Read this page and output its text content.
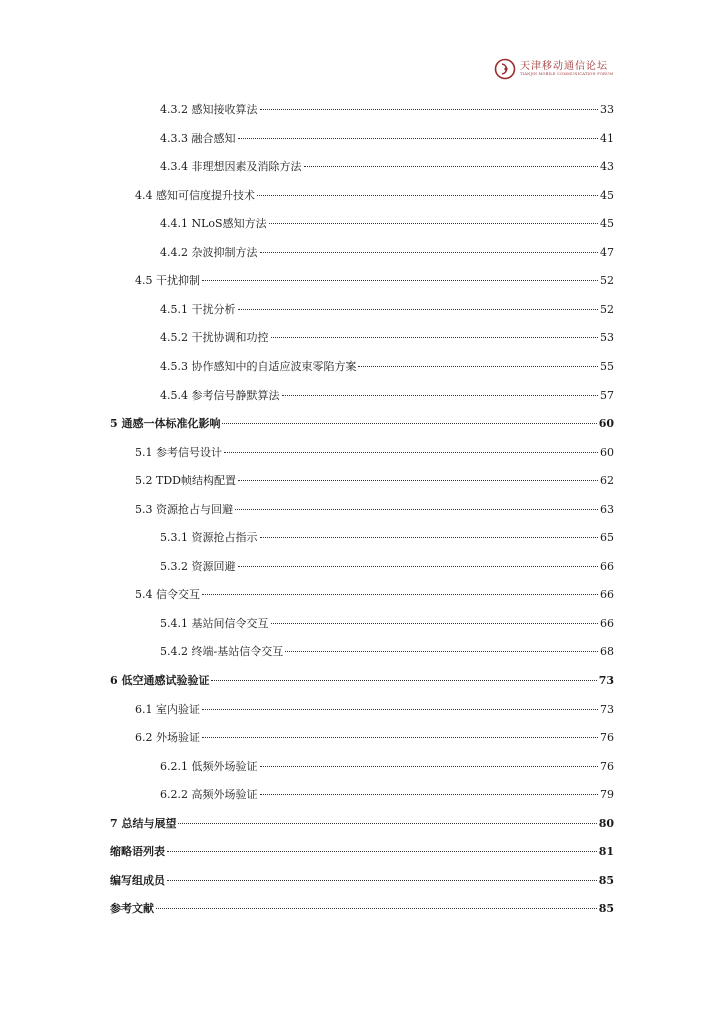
天津移动通信论坛
TIANJIN MOBILE COMMUNICATION FORUM
4.3.2 感知接收算法	33
4.3.3 融合感知	41
4.3.4 非理想因素及消除方法	43
4.4 感知可信度提升技术	45
4.4.1 NLoS感知方法	45
4.4.2 杂波抑制方法	47
4.5 干扰抑制	52
4.5.1 干扰分析	52
4.5.2 干扰协调和功控	53
4.5.3 协作感知中的自适应波束零陷方案	55
4.5.4 参考信号静默算法	57
5 通感一体标准化影响	60
5.1 参考信号设计	60
5.2 TDD帧结构配置	62
5.3 资源抢占与回避	63
5.3.1 资源抢占指示	65
5.3.2 资源回避	66
5.4 信令交互	66
5.4.1 基站间信令交互	66
5.4.2 终端-基站信令交互	68
6 低空通感试验验证	73
6.1 室内验证	73
6.2 外场验证	76
6.2.1 低频外场验证	76
6.2.2 高频外场验证	79
7 总结与展望	80
缩略语列表	81
编写组成员	85
参考文献	85
